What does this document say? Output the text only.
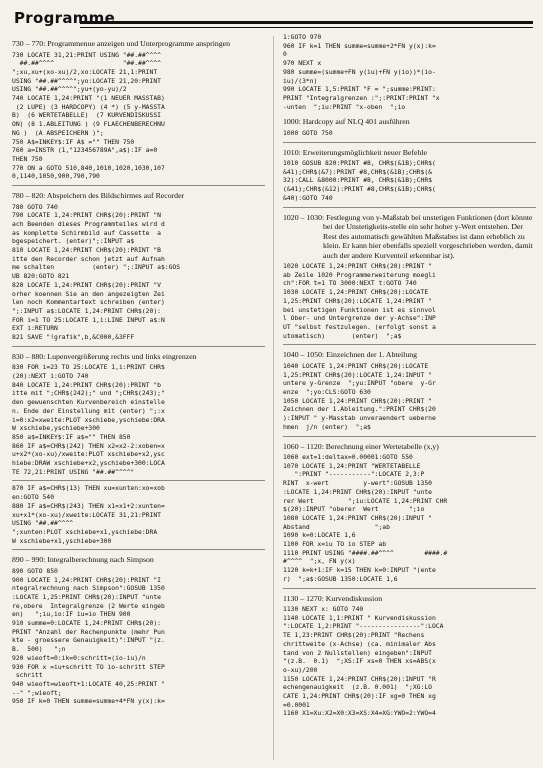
Programme
730 – 770: Programmenue anzeigen und Unterprogramme anspringen
730 LOCATE 31,21:PRINT USING "##.##^^^^
##.##^^^^                  "##.##^^^^
";xu,xu+(xo-xu)/2,xo:LOCATE 21,1:PRINT
USING "##.##^^^^";yo:LOCATE 21,20:PRINT
USING "##.##^^^^";yu+(yo-yu)/2
740 LOCATE 1,24:PRINT "(1 NEUER MASSTAB)
(2 LUPE) (3 HARDCOPY) (4 *) (5 y-MASSTA
B)  (6 WERTETABELLE)  (7 KURVENDISKUSSI
ON) (8 1.ABLEITUNG ) (9 FLAECHENBERECHNU
NG )  (A ABSPEICHERN )";
750 A$=INKEY$:IF A$ ="" THEN 750
760 a=INSTR (1,"123456789A",a$):IF a=0
THEN 750
770 ON a GOTO 510,840,1010,1020,1030,107
0,1140,1050,900,790,790
780 – 820: Abspeichern des Bildschirmes auf Recorder
780 GOTO 740
790 LOCATE 1,24:PRINT CHR$(20):PRINT "N
ach Beenden dieses Programmteiles wird d
as komplette Schirmbild auf Cassette  a
bgespeichert. (enter)";:INPUT a$
810 LOCATE 1,24:PRINT CHR$(20):PRINT "B
itte den Recorder schon jetzt auf Aufnah
me schalten          (enter) ";:INPUT a$:GOS
UB 820:GOTO 821
820 LOCATE 1,24:PRINT CHR$(20):PRINT "V
orher koennen Sie an den angezeigten Zei
len noch Kommentartext schreiben (enter)
";:INPUT a$:LOCATE 1,24:PRINT CHR$(20):
FOR i=1 TO 25:LOCATE 1,i:LINE INPUT a$:N
EXT i:RETURN
821 SAVE "!grafik",b,&C000,&3FFF
830 – 880: Lupenvergrößerung rechts und links eingrenzen
830 FOR i=23 TO 25:LOCATE 1,i:PRINT CHR$
(20):NEXT i:GOTO 740
840 LOCATE 1,24:PRINT CHR$(20):PRINT "b
itte mit ";CHR$(242);" und ";CHR$(243);"
den gewuenschten Kurvenbereich einstelle
n. Ende der Einstellung mit (enter) ";:x
i=0:x2=xweite:PLOT xschiebe,yschiebe:DRA
W xschiebe,yschiebe+300
850 a$=INKEY$:IF a$="" THEN 850
860 IF a$=CHR$(242) THEN x2=x2-2:xoben=x
u+x2*(xo-xu)/xweite:PLOT xschiebe+x2,ysc
hiebe:DRAW xschiebe+x2,yschiebe+300:LOCA
TE 72,21:PRINT USING "##.##^^^^"
870 IF a$=CHR$(13) THEN xu=xunten:xo=xob
en:GOTO 540
880 IF a$=CHR$(243) THEN x1=x1+2:xunten=
xu+x1*(xo-xu)/xweite:LOCATE 31,21:PRINT
USING "##.##^^^^
";xunten:PLOT xschiebe+x1,yschiebe:DRA
W xschiebe+x1,yschiebe+300
890 – 990: Integralberechnung nach Simpson
890 GOTO 850
900 LOCATE 1,24:PRINT CHR$(20):PRINT "I
ntegralrechnung nach Simpson":GOSUB 1350
:LOCATE 1,25:PRINT CHR$(20):INPUT "unte
re,obere  Integralgrenze (2 Werte eingeb
en)   ";iu,io:IF iu=io THEN 900
910 summe=0:LOCATE 1,24:PRINT CHR$(20):
PRINT "Anzahl der Rechenpunkte (mehr Pun
kte - groessere Genauigkeit)":INPUT "(z.
B.  500)   ";n
920 wieoft=0:ik=0:schritt=(io-iu)/n
930 FOR x =iu+schritt TO io-schritt STEP
schritt
940 wieoft=wieoft+1:LOCATE 40,25:PRINT "
--" ";wieoft;
950 IF k=0 THEN summe=summe+4*FN y(x):k=
1:GOTO 970
960 IF k=1 THEN summe=summe+2*FN y(x):k=
0
970 NEXT x
980 summe=(summe+FN y(iu)+FN y(io))*(io-
iu)/(3*n)
990 LOCATE 1,5:PRINT "F = ";summe:PRINT:
PRINT "Integralgrenzen :";:PRINT:PRINT "x
-unten  ";iu:PRINT "x-oben  ";io
1000: Hardcopy auf NLQ 401 ausführen
1000 GOTO 750
1010: Erweiterungsmöglichkeit neuer Befehle
1010 GOSUB 820:PRINT #8, CHR$(&1B);CHR$(
&41);CHR$(&7):PRINT #8,CHR$(&1B);CHR$(&
32):CALL &8000:PRINT #8, CHR$(&1B);CHR$
(&41);CHR$(&12):PRINT #8,CHR$(&1B);CHR$(
&40):GOTO 740
1020 – 1030: Festlegung von y-Maßstab bei unstetigen Funktionen (dort könnte bei der Unstetigkeits-stelle ein sehr hoher y-Wert entstehen. Der Rest des automatisch gewählten Maßstabes ist dann erheblich zu klein. Er kann hier ebenfalls speziell vorgeschrieben werden, damit auch der andere Kurventeil erkennbar ist).
1020 LOCATE 1,24:PRINT CHR$(20):PRINT "
ab Zeile 1020 Programmerweiterung moegli
ch":FOR t=1 TO 3000:NEXT t:GOTO 740
1030 LOCATE 1,24:PRINT CHR$(20):LOCATE
1,25:PRINT CHR$(20):LOCATE 1,24:PRINT "
bei unstetigen Funktionen ist es sinnvol
l Ober- und Untergrenze der y-Achse":INP
UT "selbst festzulegen. (erfolgt sonst a
utomatisch)       (enter)  ";a$
1040 – 1050: Einzeichnen der 1. Abteilung
1040 LOCATE 1,24:PRINT CHR$(20):LOCATE
1,25:PRINT CHR$(20):LOCATE 1,24:INPUT "
untere y-Grenze  ";yu:INPUT "obere  y-Gr
enze  ";yo:CLS:GOTO 630
1050 LOCATE 1,24:PRINT CHR$(20):PRINT "
Zeichnen der 1.Ableitung.":PRINT CHR$(20
):INPUT " y-Masstab unveraendert ueberne
hmen  j/n (enter)  ";a$
1060 – 1120: Berechnung einer Wertetabelle (x,y)
1060 ext=1:deltax=0.00001:GOTO 550
1070 LOCATE 1,24:PRINT "WERTETABELLE
":PRINT "-----------":LOCATE 2,3:P
RINT  x-wert         y-wert":GOSUB 1350
:LOCATE 1,24:PRINT CHR$(20):INPUT "unte
rer Wert         ";iu:LOCATE 1,24:PRINT CHR
$(20):INPUT "oberer  Wert        ";io
1080 LOCATE 1,24:PRINT CHR$(20):INPUT "
Abstand                 ";ab
1090 k=0:LOCATE 1,6
1100 FOR x=iu TO io STEP ab
1110 PRINT USING "####.##^^^^        ####.#
#^^^^  ";x, FN y(x)
1120 k=k+1:IF k=15 THEN k=0:INPUT "(ente
r)  ";a$:GOSUB 1350:LOCATE 1,6
1130 – 1270: Kurvendiskussion
1130 NEXT x: GOTO 740
1140 LOCATE 1,1:PRINT " Kurvendiskussion
":LOCATE 1,2:PRINT "----------------":LOCA
TE 1,23:PRINT CHR$(20):PRINT "Rechens
chrittweite (x-Achse) (ca. minimaler Abs
tand von 2 Nullstellen) eingeben":INPUT
"(z.B.  0.1)  ";XS:IF xs=0 THEN xs=ABS(x
o-xu)/200
1150 LOCATE 1,24:PRINT CHR$(20):INPUT "R
echengenauigkeit  (z.B. 0.001)  ";XG:LO
CATE 1,24:PRINT CHR$(20):IF xg=0 THEN xg
=0.0001
1160 X1=Xu:X2=X0:X3=XS:X4=XG:YWO=2:YWO=4
